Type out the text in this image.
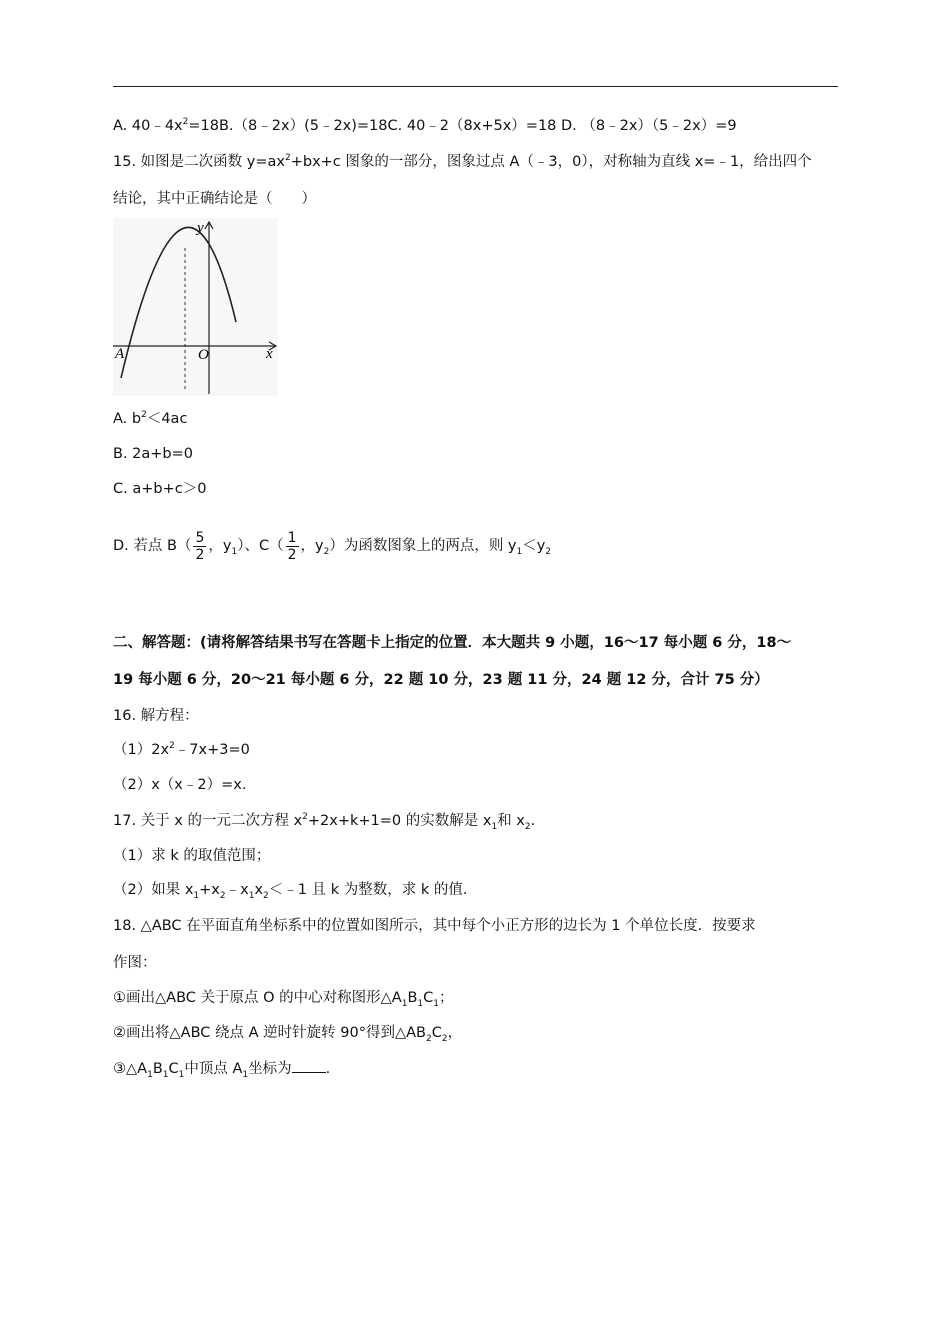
A. $40﹣4x^2=18B.(8﹣2x)(5﹣2x)=18C$. 40﹣2（8x+5x）=18 D. （8﹣2x）（5﹣2x）=9
15. 如图是二次函数 $y=ax^2+bx+c$ 图象的一部分，图象过点 A（﹣3，0），对称轴为直线 x=﹣1，给出四个
结论，其中正确结论是（　　）
y
x
O
A
A. $b^2<4ac$
B. 2a+b=0
C. a+b+c＞0
D. 若点 $B( \frac{5}{2}$ ，$y_1$）、$C( \frac{1}{2}$ ，$y_2$）为函数图象上的两点，则 $y_1<y_2$
二、解答题：(请将解答结果书写在答题卡上指定的位置．本大题共 9 小题，16～17 每小题 6 分，18～
19 每小题 6 分，20～21 每小题 6 分，22 题 10 分，23 题 11 分，24 题 12 分，合计 75 分）
16. 解方程：
$(1)2x^2﹣7x+3=0$
（2）x（x﹣2）=x.
17. 关于 x 的一元二次方程 $x^2+2x+k+1=0$ 的实数解是 $x_1$和 $x_2$.
（1）求 k 的取值范围；
（2）如果 $x_1+x_2﹣x_1x_2<﹣1$ 且 k 为整数，求 k 的值.
18. △ABC 在平面直角坐标系中的位置如图所示，其中每个小正方形的边长为 1 个单位长度．按要求
作图：
①画出△ABC 关于原点 O 的中心对称图形$\triangle A_1B_1C_1$；
②画出将△ABC 绕点 A 逆时针旋转 90°得到$\triangle AB_2C_2$，
$③\triangle A_1B_1C_1$中顶点 $A_1$坐标为 .
